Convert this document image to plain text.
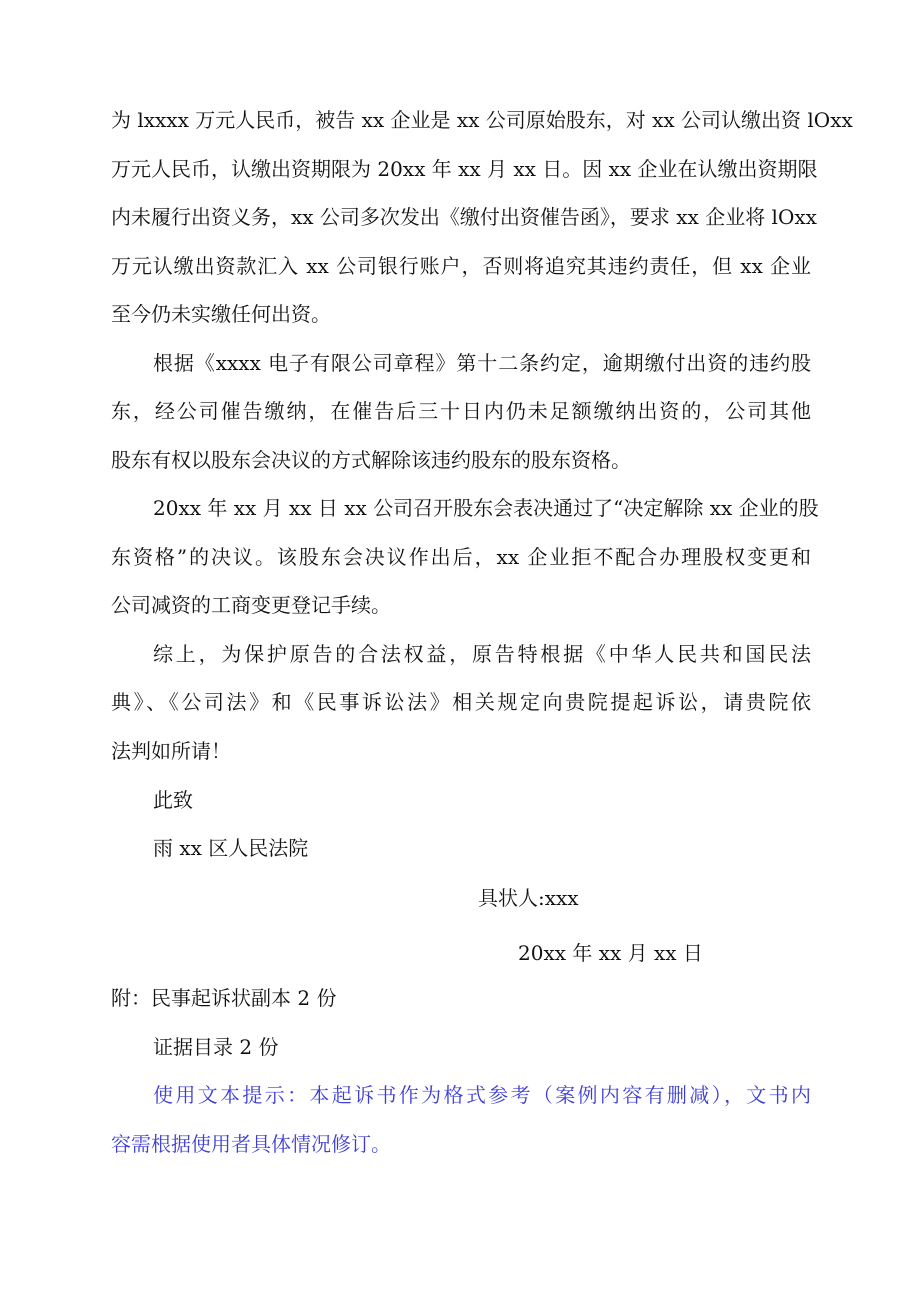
为 lxxxx 万元人民币，被告 xx 企业是 xx 公司原始股东，对 xx 公司认缴出资 lOxx
万元人民币，认缴出资期限为 20xx 年 xx 月 xx 日。因 xx 企业在认缴出资期限
内未履行出资义务，xx 公司多次发出《缴付出资催告函》，要求 xx 企业将 lOxx
万元认缴出资款汇入 xx 公司银行账户，否则将追究其违约责任，但 xx 企业
至今仍未实缴任何出资。
根据《xxxx 电子有限公司章程》第十二条约定，逾期缴付出资的违约股
东，经公司催告缴纳，在催告后三十日内仍未足额缴纳出资的，公司其他
股东有权以股东会决议的方式解除该违约股东的股东资格。
20xx 年 xx 月 xx 日 xx 公司召开股东会表决通过了“决定解除 xx 企业的股
东资格”的决议。该股东会决议作出后，xx 企业拒不配合办理股权变更和
公司减资的工商变更登记手续。
综上，为保护原告的合法权益，原告特根据《中华人民共和国民法
典》、《公司法》和《民事诉讼法》相关规定向贵院提起诉讼，请贵院依
法判如所请！
此致
雨 xx 区人民法院
具状人:xxx
20xx 年 xx 月 xx 日
附：民事起诉状副本 2 份
证据目录 2 份
使用文本提示：本起诉书作为格式参考（案例内容有删减），文书内
容需根据使用者具体情况修订。
